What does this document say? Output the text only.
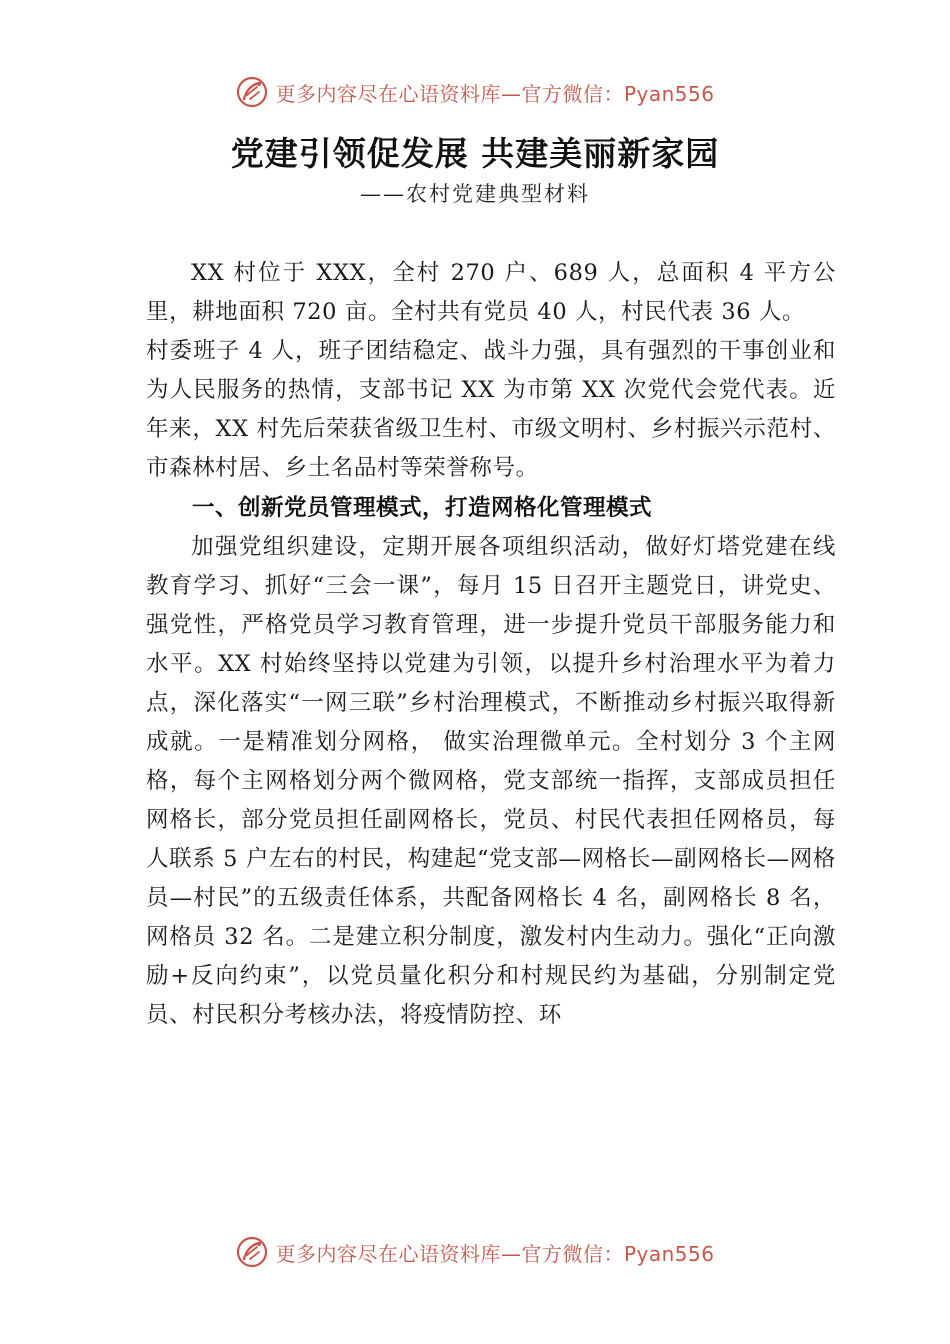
更多内容尽在心语资料库—官方微信：Pyan556
党建引领促发展 共建美丽新家园
——农村党建典型材料

XX 村位于 XXX，全村 270 户、689 人，总面积 4 平方公里，耕地面积 720 亩。全村共有党员 40 人，村民代表 36 人。

村委班子 4 人，班子团结稳定、战斗力强，具有强烈的干事创业和为人民服务的热情，支部书记 XX 为市第 XX 次党代会党代表。近年来，XX 村先后荣获省级卫生村、市级文明村、乡村振兴示范村、市森林村居、乡土名品村等荣誉称号。

一、创新党员管理模式，打造网格化管理模式

加强党组织建设，定期开展各项组织活动，做好灯塔党建在线教育学习、抓好“三会一课”，每月 15 日召开主题党日，讲党史、强党性，严格党员学习教育管理，进一步提升党员干部服务能力和水平。XX 村始终坚持以党建为引领，以提升乡村治理水平为着力点，深化落实“一网三联”乡村治理模式，不断推动乡村振兴取得新成就。一是精准划分网格， 做实治理微单元。全村划分 3 个主网格，每个主网格划分两个微网格，党支部统一指挥，支部成员担任网格长，部分党员担任副网格长，党员、村民代表担任网格员，每人联系 5 户左右的村民，构建起“党支部—网格长—副网格长—网格员—村民”的五级责任体系，共配备网格长 4 名，副网格长 8 名，网格员 32 名。二是建立积分制度，激发村内生动力。强化“正向激励+反向约束”，以党员量化积分和村规民约为基础，分别制定党员、村民积分考核办法，将疫情防控、环

更多内容尽在心语资料库—官方微信：Pyan556
